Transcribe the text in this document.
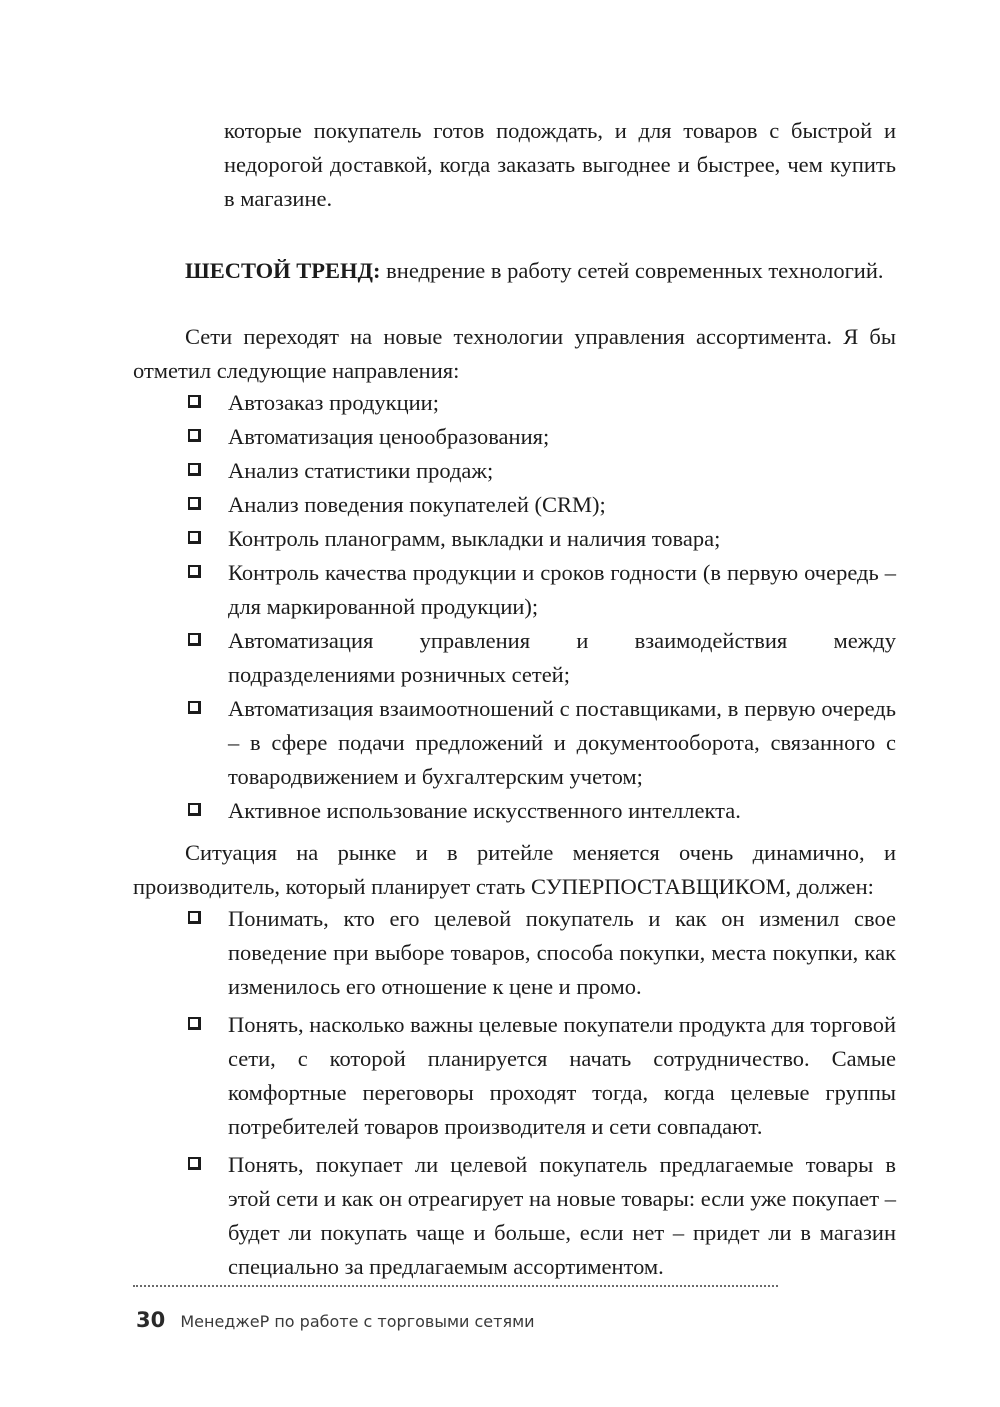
которые покупатель готов подождать, и для товаров с быстрой и недорогой доставкой, когда заказать выгоднее и быстрее, чем купить в магазине.
ШЕСТОЙ ТРЕНД: внедрение в работу сетей современных технологий.
Сети переходят на новые технологии управления ассортимента. Я бы отметил следующие направления:
Автозаказ продукции;
Автоматизация ценообразования;
Анализ статистики продаж;
Анализ поведения покупателей (CRM);
Контроль планограмм, выкладки и наличия товара;
Контроль качества продукции и сроков годности (в первую очередь – для маркированной продукции);
Автоматизация управления и взаимодействия между подразделениями розничных сетей;
Автоматизация взаимоотношений с поставщиками, в первую очередь – в сфере подачи предложений и документооборота, связанного с товародвижением и бухгалтерским учетом;
Активное использование искусственного интеллекта.
Ситуация на рынке и в ритейле меняется очень динамично, и производитель, который планирует стать СУПЕРПОСТАВЩИКОМ, должен:
Понимать, кто его целевой покупатель и как он изменил свое поведение при выборе товаров, способа покупки, места покупки, как изменилось его отношение к цене и промо.
Понять, насколько важны целевые покупатели продукта для торговой сети, с которой планируется начать сотрудничество. Самые комфортные переговоры проходят тогда, когда целевые группы потребителей товаров производителя и сети совпадают.
Понять, покупает ли целевой покупатель предлагаемые товары в этой сети и как он отреагирует на новые товары: если уже покупает – будет ли покупать чаще и больше, если нет – придет ли в магазин специально за предлагаемым ассортиментом.
30 МенеджеР по работе с торговыми сетями
